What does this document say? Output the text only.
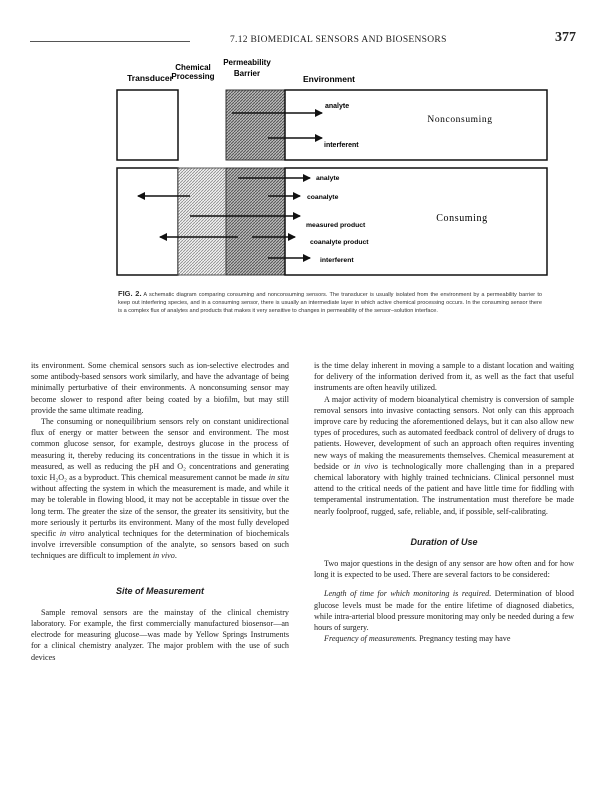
7.12 BIOMEDICAL SENSORS AND BIOSENSORS	377
Transducer
Chemical
Processing
Permeability
Barrier
Environment
analyte
interferent
Nonconsuming
analyte
coanalyte
measured product
coanalyte product
interferent
Consuming
FIG. 2. A schematic diagram comparing consuming and nonconsuming sensors. The transducer is usually isolated from the environment by a permeability barrier to keep out interfering species, and in a consuming sensor, there is usually an intermediate layer in which active chemical processing occurs. In the consuming sensor there is a complex flux of analytes and products that makes it very sensitive to changes in permeability of the sensor–solution interface.

its environment. Some chemical sensors such as ion-selective electrodes and some antibody-based sensors work similarly, and have the advantage of being minimally perturbative of their environments. A nonconsuming sensor may become slower to respond after being coated by a biofilm, but may still provide the same ultimate reading.

The consuming or nonequilibrium sensors rely on constant unidirectional flux of energy or matter between the sensor and environment. The most common glucose sensor, for example, destroys glucose in the process of measuring it, thereby reducing its concentrations in the tissue in which it is measured, as well as reducing the pH and O₂ concentrations and generating toxic H₂O₂ as a byproduct. This chemical measurement cannot be made in situ without affecting the system in which the measurement is made, and while it may be tolerable in flowing blood, it may not be acceptable in tissue over the long term. The greater the size of the sensor, the greater its sensitivity, but the more seriously it perturbs its environment. Many of the most fully developed specific in vitro analytical techniques for the determination of biochemicals involve irreversible consumption of the analyte, so sensors based on such techniques are difficult to implement in vivo.

Site of Measurement

Sample removal sensors are the mainstay of the clinical chemistry laboratory. For example, the first commercially manufactured biosensor—an electrode for measuring glucose—was made by Yellow Springs Instruments for a clinical chemistry analyzer. The major problem with the use of such devices

is the time delay inherent in moving a sample to a distant location and waiting for delivery of the information derived from it, as well as the fact that useful instruments are often heavily utilized.

A major activity of modern bioanalytical chemistry is conversion of sample removal sensors into invasive contacting sensors. Not only can this approach improve care by reducing the aforementioned delays, but it can also allow new types of procedures, such as automated feedback control of delivery of drugs to patients. However, development of such an approach often requires inventing new ways of making the measurements themselves. Chemical measurement at bedside or in vivo is technologically more challenging than in a prepared chemical laboratory with highly trained technicians. Clinical personnel must attend to the critical needs of the patient and have little time for fiddling with temperamental instrumentation. The instrumentation must therefore be made nearly foolproof, rugged, safe, reliable, and, if possible, self-calibrating.

Duration of Use

Two major questions in the design of any sensor are how often and for how long it is expected to be used. There are several factors to be considered:

Length of time for which monitoring is required. Determination of blood glucose levels must be made for the entire lifetime of diagnosed diabetics, while intra-arterial blood pressure monitoring may only be needed during a few hours of surgery.

Frequency of measurements. Pregnancy testing may have
